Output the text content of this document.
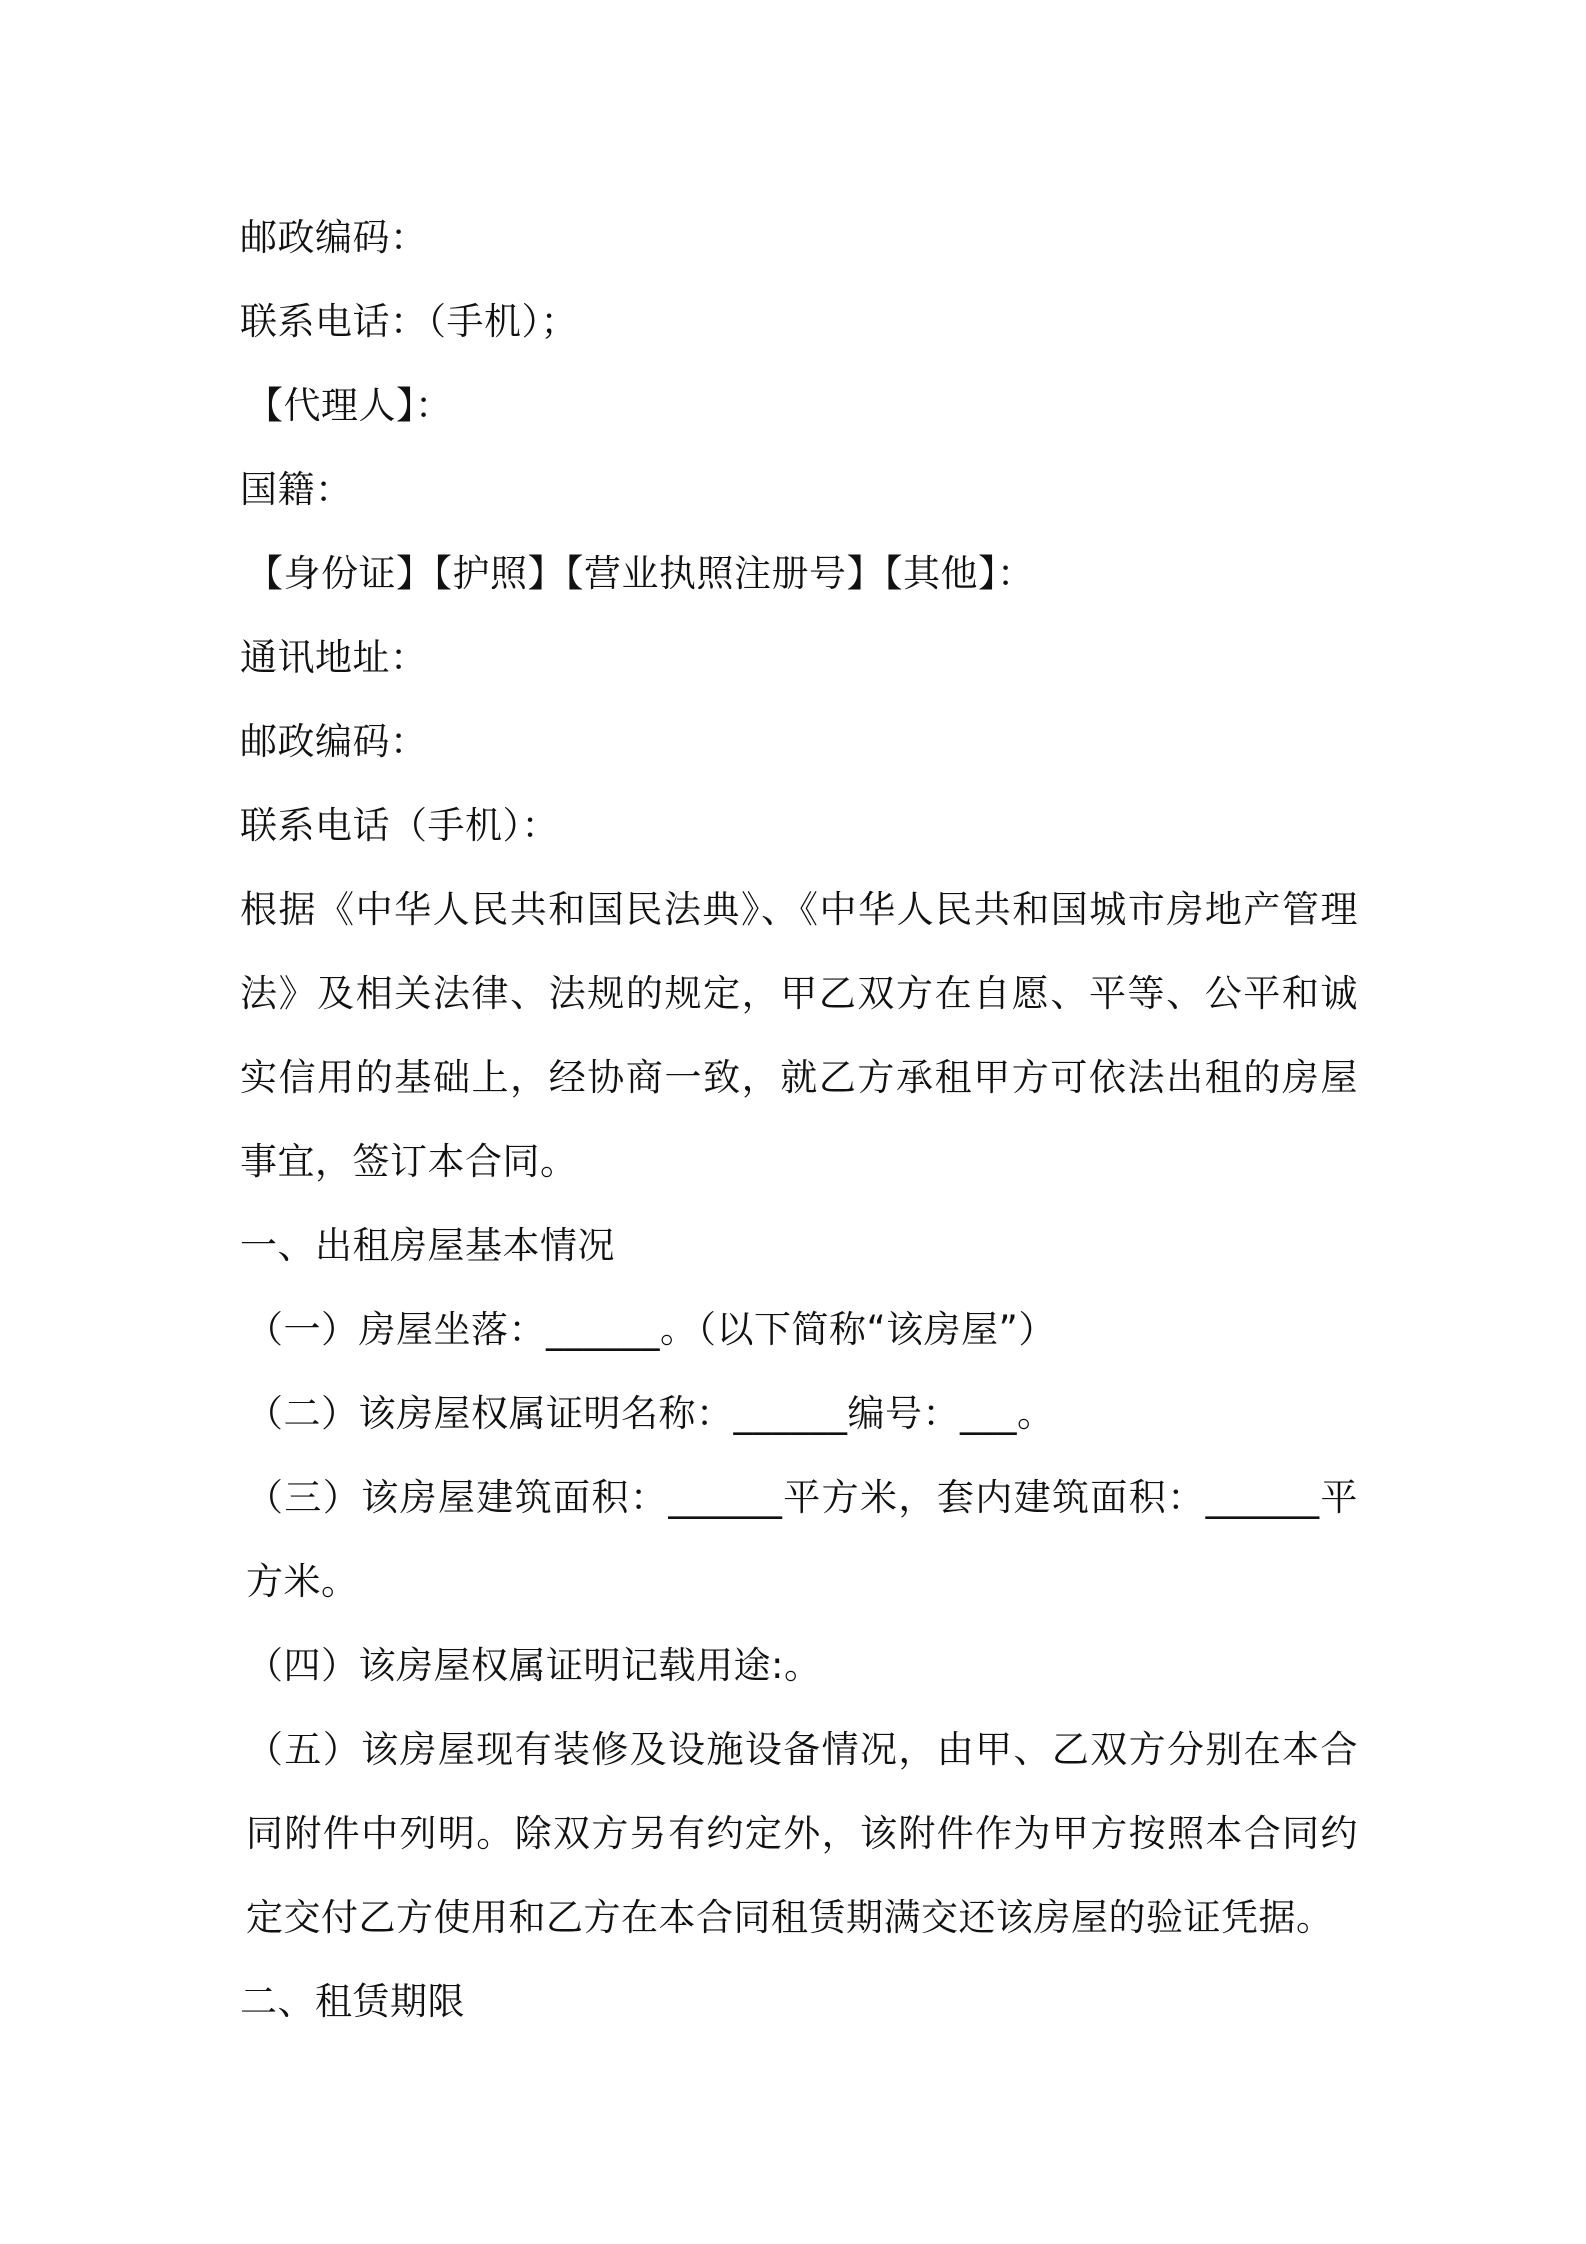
邮政编码：
联系电话：（手机）；
【代理人】：
国籍：
【身份证】【护照】【营业执照注册号】【其他】：
通讯地址：
邮政编码：
联系电话（手机）：
根据《中华人民共和国民法典》、《中华人民共和国城市房地产管理法》及相关法律、法规的规定，甲乙双方在自愿、平等、公平和诚实信用的基础上，经协商一致，就乙方承租甲方可依法出租的房屋事宜，签订本合同。
一、出租房屋基本情况
（一）房屋坐落：______。（以下简称“该房屋”）
（二）该房屋权属证明名称：______编号：___。
（三）该房屋建筑面积：______平方米，套内建筑面积：______平方米。
（四）该房屋权属证明记载用途:。
（五）该房屋现有装修及设施设备情况，由甲、乙双方分别在本合同附件中列明。除双方另有约定外，该附件作为甲方按照本合同约定交付乙方使用和乙方在本合同租赁期满交还该房屋的验证凭据。
二、租赁期限
